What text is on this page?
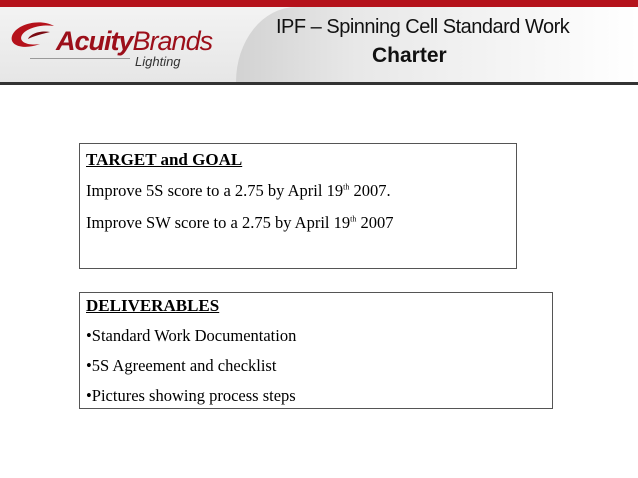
AcuityBrands
Lighting
IPF – Spinning Cell Standard Work
Charter
TARGET and GOAL
Improve 5S score to a 2.75 by April 19th 2007.
Improve SW score to a 2.75 by April 19th 2007
DELIVERABLES
•Standard Work Documentation
•5S Agreement and checklist
•Pictures showing process steps
